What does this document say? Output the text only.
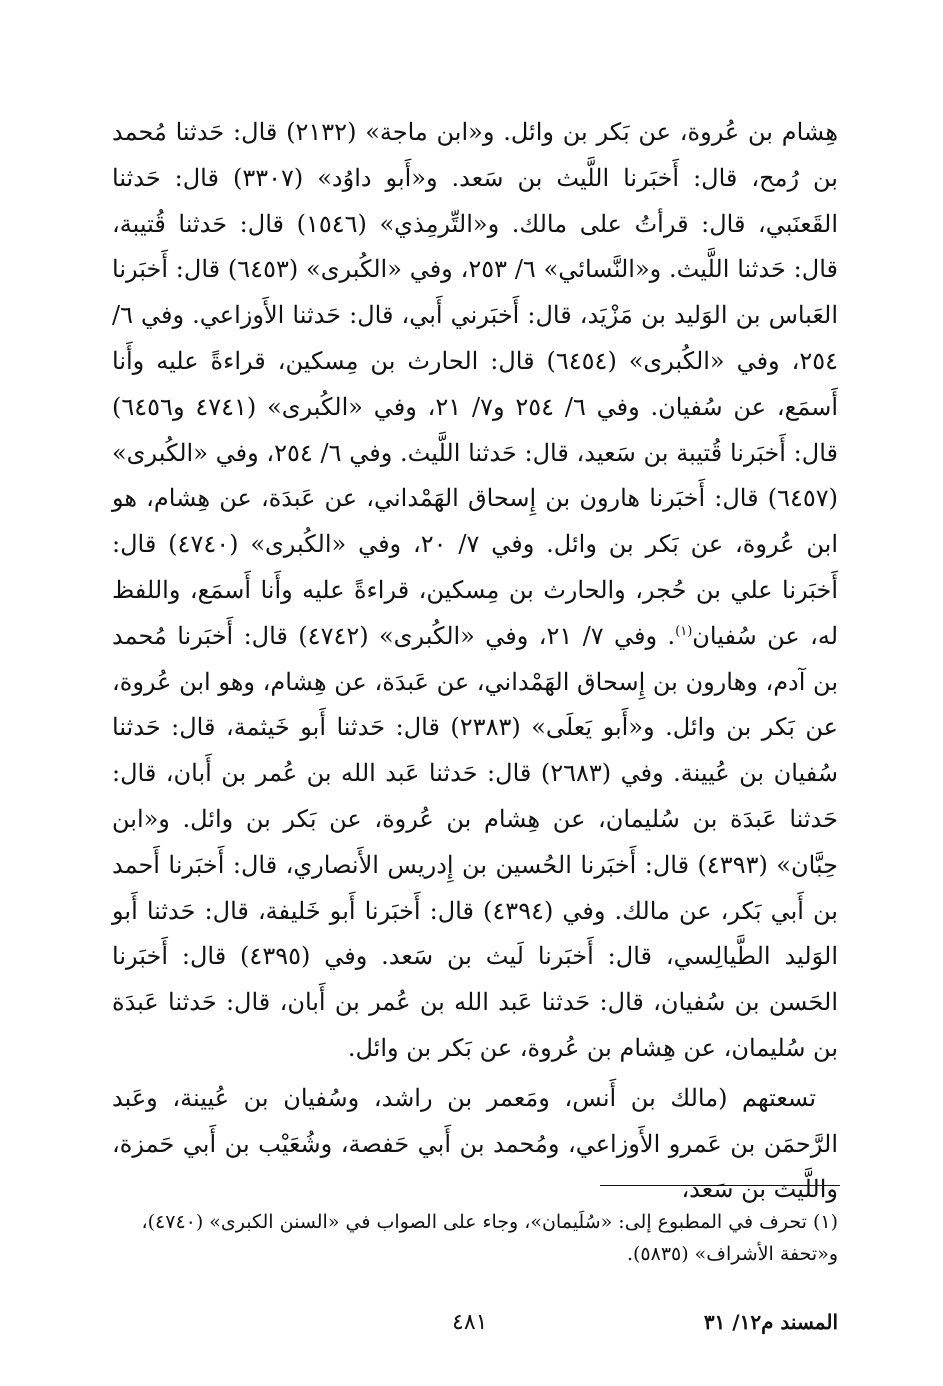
هِشام بن عُروة، عن بَكر بن وائل. و«ابن ماجة» (٢١٣٢) قال: حَدثنا مُحمد بن رُمح، قال: أَخبَرنا اللَّيث بن سَعد. و«أَبو داوُد» (٣٣٠٧) قال: حَدثنا القَعنَبي، قال: قرأتُ على مالك. و«التِّرمِذي» (١٥٤٦) قال: حَدثنا قُتيبة، قال: حَدثنا اللَّيث. و«النَّسائي» ٦/ ٢٥٣، وفي «الكُبرى» (٦٤٥٣) قال: أَخبَرنا العَباس بن الوَليد بن مَزْيَد، قال: أَخبَرني أَبي، قال: حَدثنا الأَوزاعي. وفي ٦/ ٢٥٤، وفي «الكُبرى» (٦٤٥٤) قال: الحارث بن مِسكين، قراءةً عليه وأَنا أَسمَع، عن سُفيان. وفي ٦/ ٢٥٤ و٧/ ٢١، وفي «الكُبرى» (٤٧٤١ و٦٤٥٦) قال: أَخبَرنا قُتيبة بن سَعيد، قال: حَدثنا اللَّيث. وفي ٦/ ٢٥٤، وفي «الكُبرى» (٦٤٥٧) قال: أَخبَرنا هارون بن إِسحاق الهَمْداني، عن عَبدَة، عن هِشام، هو ابن عُروة، عن بَكر بن وائل. وفي ٧/ ٢٠، وفي «الكُبرى» (٤٧٤٠) قال: أَخبَرنا علي بن حُجر، والحارث بن مِسكين، قراءةً عليه وأَنا أَسمَع، واللفظ له، عن سُفيان$^{(١)}$. وفي ٧/ ٢١، وفي «الكُبرى» (٤٧٤٢) قال: أَخبَرنا مُحمد بن آدم، وهارون بن إِسحاق الهَمْداني، عن عَبدَة، عن هِشام، وهو ابن عُروة، عن بَكر بن وائل. و«أَبو يَعلَى» (٢٣٨٣) قال: حَدثنا أَبو خَيثمة، قال: حَدثنا سُفيان بن عُيينة. وفي (٢٦٨٣) قال: حَدثنا عَبد الله بن عُمر بن أَبان، قال: حَدثنا عَبدَة بن سُليمان، عن هِشام بن عُروة، عن بَكر بن وائل. و«ابن حِبَّان» (٤٣٩٣) قال: أَخبَرنا الحُسين بن إِدريس الأَنصاري، قال: أَخبَرنا أَحمد بن أَبي بَكر، عن مالك. وفي (٤٣٩٤) قال: أَخبَرنا أَبو خَليفة، قال: حَدثنا أَبو الوَليد الطَّيالِسي، قال: أَخبَرنا لَيث بن سَعد. وفي (٤٣٩٥) قال: أَخبَرنا الحَسن بن سُفيان، قال: حَدثنا عَبد الله بن عُمر بن أَبان، قال: حَدثنا عَبدَة بن سُليمان، عن هِشام بن عُروة، عن بَكر بن وائل.

تسعتهم (مالك بن أَنس، ومَعمر بن راشد، وسُفيان بن عُيينة، وعَبد الرَّحمَن بن عَمرو الأَوزاعي، ومُحمد بن أَبي حَفصة، وشُعَيْب بن أَبي حَمزة، واللَّيث بن سَعد،

(١) تحرف في المطبوع إلى: «سُلَيمان»، وجاء على الصواب في «السنن الكبرى» (٤٧٤٠)، و«تحفة الأشراف» (٥٨٣٥).
المسند م١٢/ ٣١
٤٨١
